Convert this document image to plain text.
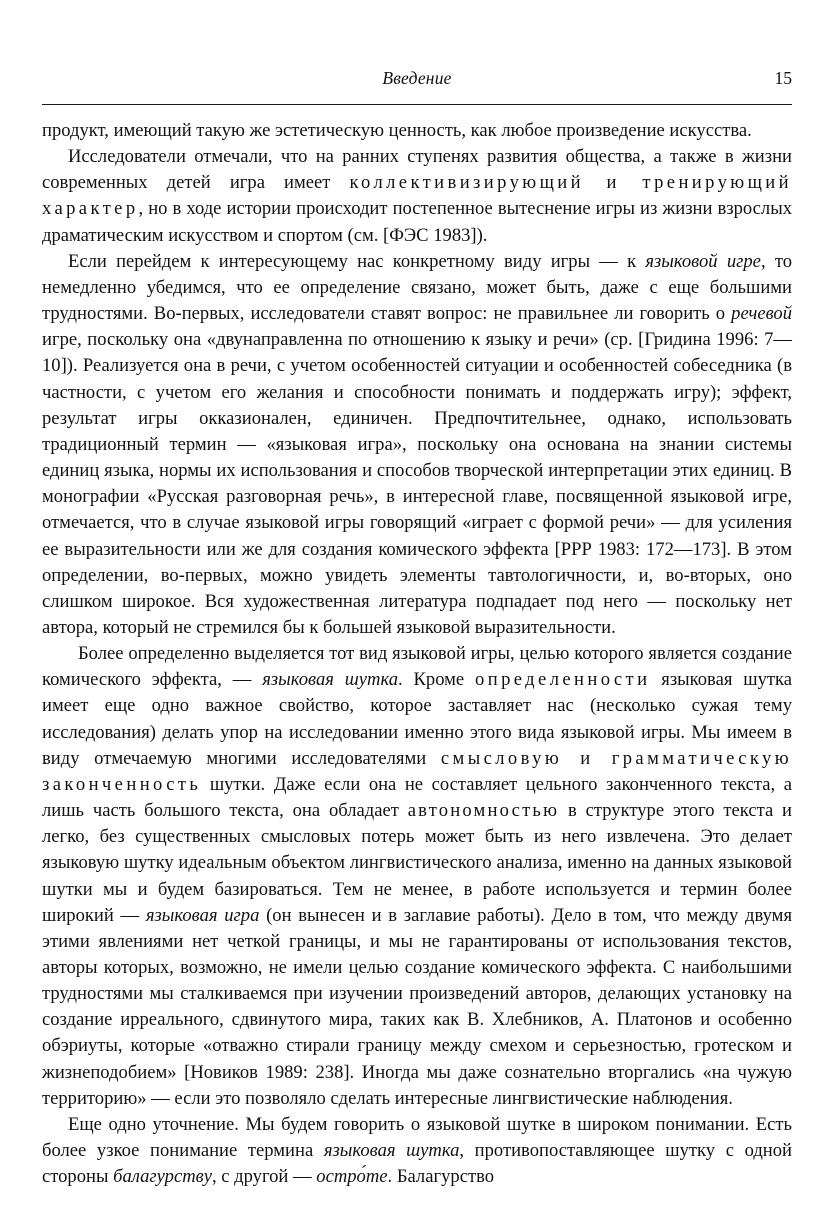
Введение	15

продукт, имеющий такую же эстетическую ценность, как любое произведение искусства.

Исследователи отмечали, что на ранних ступенях развития общества, а также в жизни современных детей игра имеет коллективизирующий и тренирующий характер, но в ходе истории происходит постепенное вытеснение игры из жизни взрослых драматическим искусством и спортом (см. [ФЭС 1983]).

Если перейдем к интересующему нас конкретному виду игры — к языковой игре, то немедленно убедимся, что ее определение связано, может быть, даже с еще большими трудностями. Во-первых, исследователи ставят вопрос: не правильнее ли говорить о речевой игре, поскольку она «двунаправленна по отношению к языку и речи» (ср. [Гридина 1996: 7—10]). Реализуется она в речи, с учетом особенностей ситуации и особенностей собеседника (в частности, с учетом его желания и способности понимать и поддержать игру); эффект, результат игры окказионален, единичен. Предпочтительнее, однако, использовать традиционный термин — «языковая игра», поскольку она основана на знании системы единиц языка, нормы их использования и способов творческой интерпретации этих единиц. В монографии «Русская разговорная речь», в интересной главе, посвященной языковой игре, отмечается, что в случае языковой игры говорящий «играет с формой речи» — для усиления ее выразительности или же для создания комического эффекта [РРР 1983: 172—173]. В этом определении, во-первых, можно увидеть элементы тавтологичности, и, во-вторых, оно слишком широкое. Вся художественная литература подпадает под него — поскольку нет автора, который не стремился бы к большей языковой выразительности.

Более определенно выделяется тот вид языковой игры, целью которого является создание комического эффекта, — языковая шутка. Кроме определенности языковая шутка имеет еще одно важное свойство, которое заставляет нас (несколько сужая тему исследования) делать упор на исследовании именно этого вида языковой игры. Мы имеем в виду отмечаемую многими исследователями смысловую и грамматическую законченность шутки. Даже если она не составляет цельного законченного текста, а лишь часть большого текста, она обладает автономностью в структуре этого текста и легко, без существенных смысловых потерь может быть из него извлечена. Это делает языковую шутку идеальным объектом лингвистического анализа, именно на данных языковой шутки мы и будем базироваться. Тем не менее, в работе используется и термин более широкий — языковая игра (он вынесен и в заглавие работы). Дело в том, что между двумя этими явлениями нет четкой границы, и мы не гарантированы от использования текстов, авторы которых, возможно, не имели целью создание комического эффекта. С наибольшими трудностями мы сталкиваемся при изучении произведений авторов, делающих установку на создание ирреального, сдвинутого мира, таких как В. Хлебников, А. Платонов и особенно обэриуты, которые «отважно стирали границу между смехом и серьезностью, гротеском и жизнеподобием» [Новиков 1989: 238]. Иногда мы даже сознательно вторгались «на чужую территорию» — если это позволяло сделать интересные лингвистические наблюдения.

Еще одно уточнение. Мы будем говорить о языковой шутке в широком понимании. Есть более узкое понимание термина языковая шутка, противопоставляющее шутку с одной стороны балагурству, с другой — остро́те. Балагурство
